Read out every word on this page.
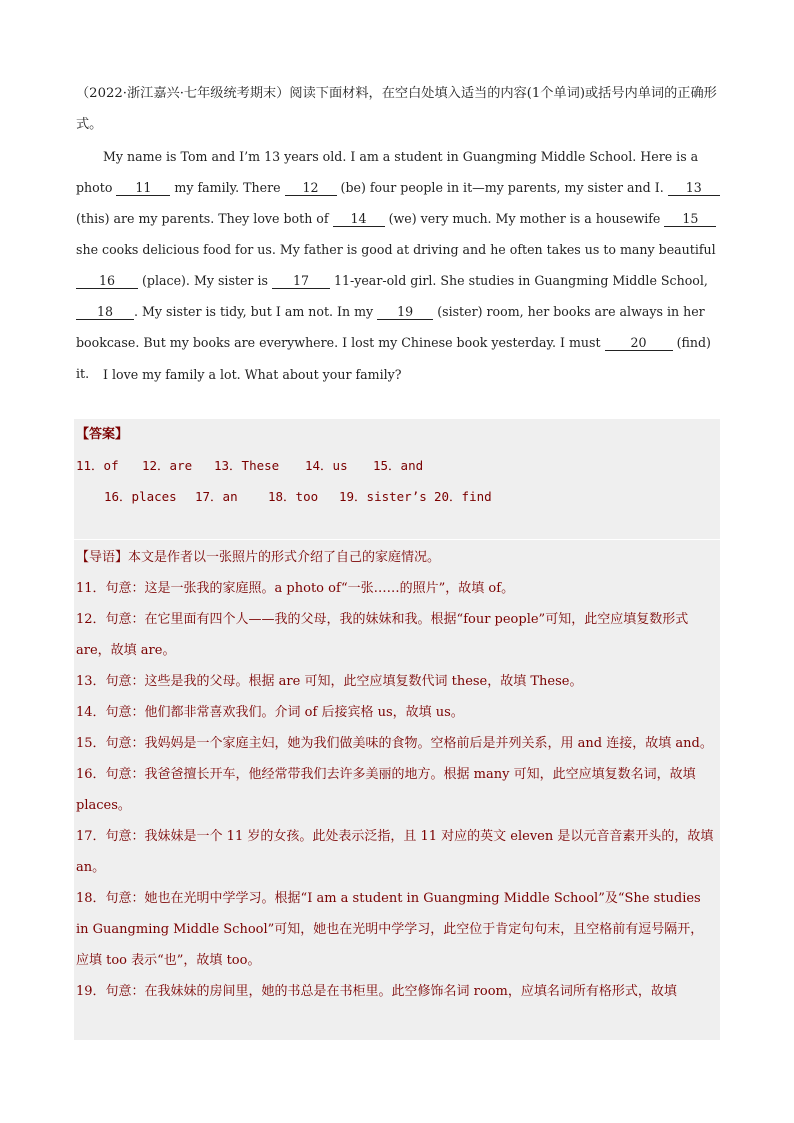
（2022·浙江嘉兴·七年级统考期末）阅读下面材料，在空白处填入适当的内容(1个单词)或括号内单词的正确形式。
My name is Tom and I’m 13 years old. I am a student in Guangming Middle School. Here is a photo 11 my family. There 12 (be) four people in it—my parents, my sister and I. 13 (this) are my parents. They love both of 14 (we) very much. My mother is a housewife 15 she cooks delicious food for us. My father is good at driving and he often takes us to many beautiful 16 (place). My sister is 17 11-year-old girl. She studies in Guangming Middle School, 18 . My sister is tidy, but I am not. In my 19 (sister) room, her books are always in her bookcase. But my books are everywhere. I lost my Chinese book yesterday. I must 20 (find) it.	I love my family a lot. What about your family?
【答案】
11．of 12．are 13．These 14．us 15．and
16．places 17．an 18．too 19．sister’s 20．find
【导语】本文是作者以一张照片的形式介绍了自己的家庭情况。
11．句意：这是一张我的家庭照。a photo of“一张……的照片”，故填 of。
12．句意：在它里面有四个人——我的父母，我的妹妹和我。根据“four people”可知，此空应填复数形式 are，故填 are。
13．句意：这些是我的父母。根据 are 可知，此空应填复数代词 these，故填 These。
14．句意：他们都非常喜欢我们。介词 of 后接宾格 us，故填 us。
15．句意：我妈妈是一个家庭主妇，她为我们做美味的食物。空格前后是并列关系，用 and 连接，故填 and。
16．句意：我爸爸擅长开车，他经常带我们去许多美丽的地方。根据 many 可知，此空应填复数名词，故填 places。
17．句意：我妹妹是一个 11 岁的女孩。此处表示泛指，且 11 对应的英文 eleven 是以元音音素开头的，故填 an。
18．句意：她也在光明中学学习。根据“I am a student in Guangming Middle School”及“She studies in Guangming Middle School”可知，她也在光明中学学习，此空位于肯定句句末，且空格前有逗号隔开，应填 too 表示“也”，故填 too。
19．句意：在我妹妹的房间里，她的书总是在书柜里。此空修饰名词 room，应填名词所有格形式，故填
